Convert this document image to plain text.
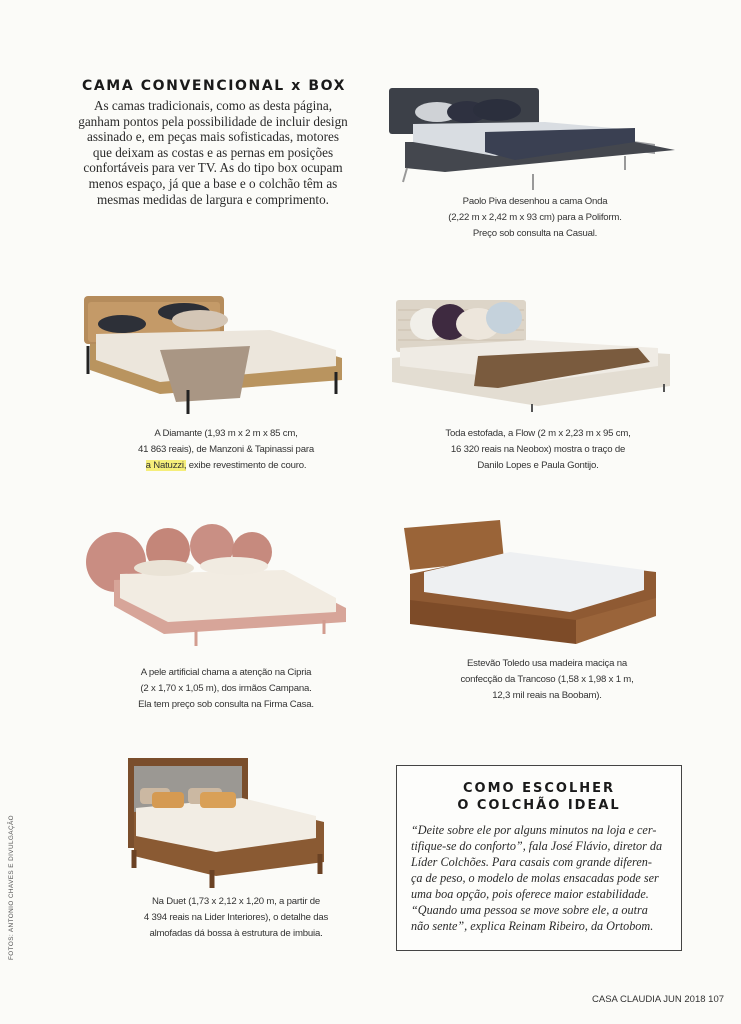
CAMA CONVENCIONAL x BOX
As camas tradicionais, como as desta página, ganham pontos pela possibilidade de incluir design assinado e, em peças mais sofisticadas, motores que deixam as costas e as pernas em posições confortáveis para ver TV. As do tipo box ocupam menos espaço, já que a base e o colchão têm as mesmas medidas de largura e comprimento.	Paolo Piva desenhou a cama Onda
(2,22 m x 2,42 m x 93 cm) para a Poliform.
Preço sob consulta na Casual.
A Diamante (1,93 m x 2 m x 85 cm,
41 863 reais), de Manzoni & Tapinassi para
a Natuzzi, exibe revestimento de couro.
Toda estofada, a Flow (2 m x 2,23 m x 95 cm,
16 320 reais na Neobox) mostra o traço de
Danilo Lopes e Paula Gontijo.
A pele artificial chama a atenção na Cipria
(2 x 1,70 x 1,05 m), dos irmãos Campana.
Ela tem preço sob consulta na Firma Casa.
Estevão Toledo usa madeira maciça na
confecção da Trancoso (1,58 x 1,98 x 1 m,
12,3 mil reais na Boobam).
Na Duet (1,73 x 2,12 x 1,20 m, a partir de
4 394 reais na Lider Interiores), o detalhe das
almofadas dá bossa à estrutura de imbuia.
COMO ESCOLHER
O COLCHÃO IDEAL
“Deite sobre ele por alguns minutos na loja e cer-
tifique-se do conforto”, fala José Flávio, diretor da
Líder Colchões. Para casais com grande diferen-
ça de peso, o modelo de molas ensacadas pode ser
uma boa opção, pois oferece maior estabilidade.
“Quando uma pessoa se move sobre ele, a outra
não sente”, explica Reinam Ribeiro, da Ortobom.
FOTOS: ANTONIO CHAVES E DIVULGAÇÃO
CASA CLAUDIA JUN 2018 107
